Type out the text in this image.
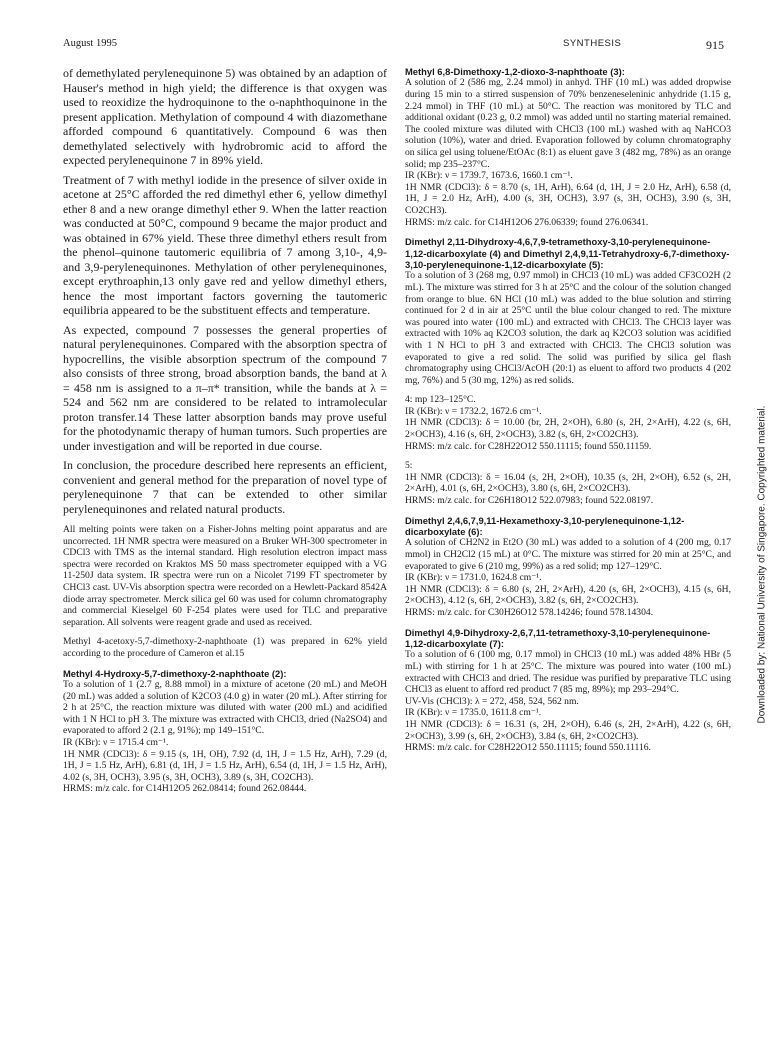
August 1995	SYNTHESIS	915

of demethylated perylenequinone 5) was obtained by an adaption of Hauser's method in high yield; the difference is that oxygen was used to reoxidize the hydroquinone to the o-naphthoquinone in the present application. Methylation of compound 4 with diazomethane afforded compound 6 quantitatively. Compound 6 was then demethylated selectively with hydrobromic acid to afford the expected perylenequinone 7 in 89% yield.

Treatment of 7 with methyl iodide in the presence of silver oxide in acetone at 25°C afforded the red dimethyl ether 6, yellow dimethyl ether 8 and a new orange dimethyl ether 9. When the latter reaction was conducted at 50°C, compound 9 became the major product and was obtained in 67% yield. These three dimethyl ethers result from the phenol–quinone tautomeric equilibria of 7 among 3,10-, 4,9- and 3,9-perylenequinones. Methylation of other perylenequinones, except erythroaphin,13 only gave red and yellow dimethyl ethers, hence the most important factors governing the tautomeric equilibria appeared to be the substituent effects and temperature.

As expected, compound 7 possesses the general properties of natural perylenequinones. Compared with the absorption spectra of hypocrellins, the visible absorption spectrum of the compound 7 also consists of three strong, broad absorption bands, the band at λ = 458 nm is assigned to a π–π* transition, while the bands at λ = 524 and 562 nm are considered to be related to intramolecular proton transfer.14 These latter absorption bands may prove useful for the photodynamic therapy of human tumors. Such properties are under investigation and will be reported in due course.

In conclusion, the procedure described here represents an efficient, convenient and general method for the preparation of novel type of perylenequinone 7 that can be extended to other similar perylenequinones and related natural products.

All melting points were taken on a Fisher-Johns melting point apparatus and are uncorrected. 1H NMR spectra were measured on a Bruker WH-300 spectrometer in CDCl3 with TMS as the internal standard. High resolution electron impact mass spectra were recorded on Kraktos MS 50 mass spectrometer equipped with a VG 11-250J data system. IR spectra were run on a Nicolet 7199 FT spectrometer by CHCl3 cast. UV-Vis absorption spectra were recorded on a Hewlett-Packard 8542A diode array spectrometer. Merck silica gel 60 was used for column chromatography and commercial Kieselgel 60 F-254 plates were used for TLC and preparative separation. All solvents were reagent grade and used as received.

Methyl 4-acetoxy-5,7-dimethoxy-2-naphthoate (1) was prepared in 62% yield according to the procedure of Cameron et al.15

Methyl 4-Hydroxy-5,7-dimethoxy-2-naphthoate (2):

To a solution of 1 (2.7 g, 8.88 mmol) in a mixture of acetone (20 mL) and MeOH (20 mL) was added a solution of K2CO3 (4.0 g) in water (20 mL). After stirring for 2 h at 25°C, the reaction mixture was diluted with water (200 mL) and acidified with 1 N HCl to pH 3. The mixture was extracted with CHCl3, dried (Na2SO4) and evaporated to afford 2 (2.1 g, 91%); mp 149–151°C.

IR (KBr): ν = 1715.4 cm⁻¹.

1H NMR (CDCl3): δ = 9.15 (s, 1H, OH), 7.92 (d, 1H, J = 1.5 Hz, ArH), 7.29 (d, 1H, J = 1.5 Hz, ArH), 6.81 (d, 1H, J = 1.5 Hz, ArH), 6.54 (d, 1H, J = 1.5 Hz, ArH), 4.02 (s, 3H, OCH3), 3.95 (s, 3H, OCH3), 3.89 (s, 3H, CO2CH3).

HRMS: m/z calc. for C14H12O5 262.08414; found 262.08444.

Methyl 6,8-Dimethoxy-1,2-dioxo-3-naphthoate (3):

A solution of 2 (586 mg, 2.24 mmol) in anhyd. THF (10 mL) was added dropwise during 15 min to a stirred suspension of 70% benzeneseleninic anhydride (1.15 g, 2.24 mmol) in THF (10 mL) at 50°C. The reaction was monitored by TLC and additional oxidant (0.23 g, 0.2 mmol) was added until no starting material remained. The cooled mixture was diluted with CHCl3 (100 mL) washed with aq NaHCO3 solution (10%), water and dried. Evaporation followed by column chromatography on silica gel using toluene/EtOAc (8:1) as eluent gave 3 (482 mg, 78%) as an orange solid; mp 235–237°C.

IR (KBr): ν = 1739.7, 1673.6, 1660.1 cm⁻¹.

1H NMR (CDCl3): δ = 8.70 (s, 1H, ArH), 6.64 (d, 1H, J = 2.0 Hz, ArH), 6.58 (d, 1H, J = 2.0 Hz, ArH), 4.00 (s, 3H, OCH3), 3.97 (s, 3H, OCH3), 3.90 (s, 3H, CO2CH3).

HRMS: m/z calc. for C14H12O6 276.06339; found 276.06341.

Dimethyl 2,11-Dihydroxy-4,6,7,9-tetramethoxy-3,10-perylenequinone-1,12-dicarboxylate (4) and Dimethyl 2,4,9,11-Tetrahydroxy-6,7-dimethoxy-3,10-perylenequinone-1,12-dicarboxylate (5):

To a solution of 3 (268 mg, 0.97 mmol) in CHCl3 (10 mL) was added CF3CO2H (2 mL). The mixture was stirred for 3 h at 25°C and the colour of the solution changed from orange to blue. 6N HCl (10 mL) was added to the blue solution and stirring continued for 2 d in air at 25°C until the blue colour changed to red. The mixture was poured into water (100 mL) and extracted with CHCl3. The CHCl3 layer was extracted with 10% aq K2CO3 solution, the dark aq K2CO3 solution was acidified with 1 N HCl to pH 3 and extracted with CHCl3. The CHCl3 solution was evaporated to give a red solid. The solid was purified by silica gel flash chromatography using CHCl3/AcOH (20:1) as eluent to afford two products 4 (202 mg, 76%) and 5 (30 mg, 12%) as red solids.

4: mp 123–125°C.

IR (KBr): ν = 1732.2, 1672.6 cm⁻¹.

1H NMR (CDCl3): δ = 10.00 (br, 2H, 2×OH), 6.80 (s, 2H, 2×ArH), 4.22 (s, 6H, 2×OCH3), 4.16 (s, 6H, 2×OCH3), 3.82 (s, 6H, 2×CO2CH3).

HRMS: m/z calc. for C28H22O12 550.11115; found 550.11159.

5:

1H NMR (CDCl3): δ = 16.04 (s, 2H, 2×OH), 10.35 (s, 2H, 2×OH), 6.52 (s, 2H, 2×ArH), 4.01 (s, 6H, 2×OCH3), 3.80 (s, 6H, 2×CO2CH3).

HRMS: m/z calc. for C26H18O12 522.07983; found 522.08197.

Dimethyl 2,4,6,7,9,11-Hexamethoxy-3,10-perylenequinone-1,12-dicarboxylate (6):

A solution of CH2N2 in Et2O (30 mL) was added to a solution of 4 (200 mg, 0.17 mmol) in CH2Cl2 (15 mL) at 0°C. The mixture was stirred for 20 min at 25°C, and evaporated to give 6 (210 mg, 99%) as a red solid; mp 127–129°C.

IR (KBr): ν = 1731.0, 1624.8 cm⁻¹.

1H NMR (CDCl3): δ = 6.80 (s, 2H, 2×ArH), 4.20 (s, 6H, 2×OCH3), 4.15 (s, 6H, 2×OCH3), 4.12 (s, 6H, 2×OCH3), 3.82 (s, 6H, 2×CO2CH3).

HRMS: m/z calc. for C30H26O12 578.14246; found 578.14304.

Dimethyl 4,9-Dihydroxy-2,6,7,11-tetramethoxy-3,10-perylenequinone-1,12-dicarboxylate (7):

To a solution of 6 (100 mg, 0.17 mmol) in CHCl3 (10 mL) was added 48% HBr (5 mL) with stirring for 1 h at 25°C. The mixture was poured into water (100 mL) extracted with CHCl3 and dried. The residue was purified by preparative TLC using CHCl3 as eluent to afford red product 7 (85 mg, 89%); mp 293–294°C.

UV-Vis (CHCl3): λ = 272, 458, 524, 562 nm.

IR (KBr): ν = 1735.0, 1611.8 cm⁻¹.

1H NMR (CDCl3): δ = 16.31 (s, 2H, 2×OH), 6.46 (s, 2H, 2×ArH), 4.22 (s, 6H, 2×OCH3), 3.99 (s, 6H, 2×OCH3), 3.84 (s, 6H, 2×CO2CH3).

HRMS: m/z calc. for C28H22O12 550.11115; found 550.11116.

Downloaded by: National University of Singapore. Copyrighted material.
